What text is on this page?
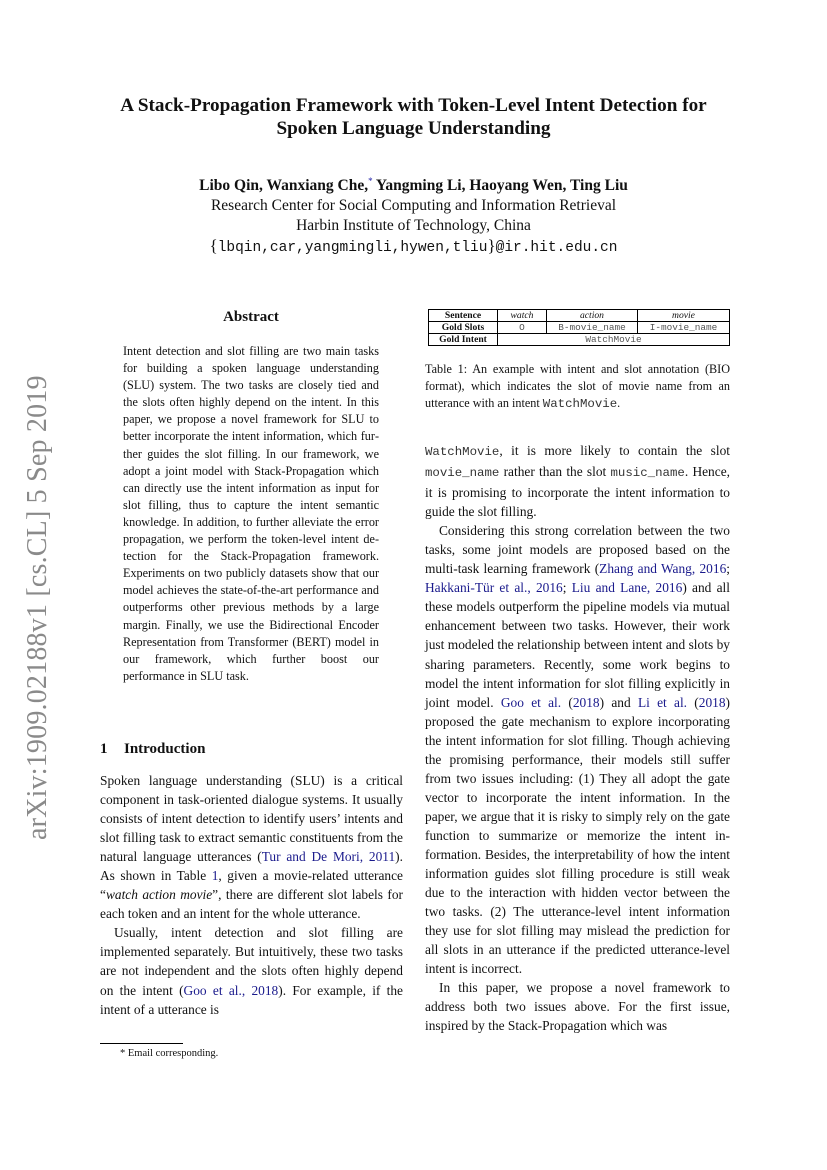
A Stack-Propagation Framework with Token-Level Intent Detection for
Spoken Language Understanding
Libo Qin, Wanxiang Che,* Yangming Li, Haoyang Wen, Ting Liu
Research Center for Social Computing and Information Retrieval
Harbin Institute of Technology, China
{lbqin,car,yangmingli,hywen,tliu}@ir.hit.edu.cn
arXiv:1909.02188v1 [cs.CL] 5 Sep 2019
Abstract
Intent detection and slot filling are two main tasks for building a spoken language understanding (SLU) system. The two tasks are closely tied and the slots often highly depend on the intent. In this paper, we propose a novel framework for SLU to better incorporate the intent information, which further guides the slot filling. In our framework, we adopt a joint model with Stack-Propagation which can directly use the intent information as input for slot filling, thus to capture the intent semantic knowledge. In addition, to further alleviate the error propagation, we perform the token-level intent detection for the Stack-Propagation framework. Experiments on two publicly datasets show that our model achieves the state-of-the-art performance and outperforms other previous methods by a large margin. Finally, we use the Bidirectional Encoder Representation from Transformer (BERT) model in our framework, which further boost our performance in SLU task.
1 Introduction

Spoken language understanding (SLU) is a critical component in task-oriented dialogue systems. It usually consists of intent detection to identify users’ intents and slot filling task to extract semantic constituents from the natural language utterances (Tur and De Mori, 2011). As shown in Table 1, given a movie-related utterance “watch action movie”, there are different slot labels for each token and an intent for the whole utterance.

Usually, intent detection and slot filling are implemented separately. But intuitively, these two tasks are not independent and the slots often highly depend on the intent (Goo et al., 2018). For example, if the intent of a utterance is

Sentence	watch	action	movie
Gold Slots	O	B-movie_name	I-movie_name
Gold Intent	WatchMovie		
Table 1: An example with intent and slot annotation (BIO format), which indicates the slot of movie name from an utterance with an intent WatchMovie.

WatchMovie, it is more likely to contain the slot movie_name rather than the slot music_name. Hence, it is promising to incorporate the intent information to guide the slot filling.

Considering this strong correlation between the two tasks, some joint models are proposed based on the multi-task learning framework (Zhang and Wang, 2016; Hakkani-Tür et al., 2016; Liu and Lane, 2016) and all these models outperform the pipeline models via mutual enhancement between two tasks. However, their work just modeled the relationship between intent and slots by sharing parameters. Recently, some work begins to model the intent information for slot filling explicitly in joint model. Goo et al. (2018) and Li et al. (2018) proposed the gate mechanism to explore incorporating the intent information for slot filling. Though achieving the promising performance, their models still suffer from two issues including: (1) They all adopt the gate vector to incorporate the intent information. In the paper, we argue that it is risky to simply rely on the gate function to summarize or memorize the intent information. Besides, the interpretability of how the intent information guides slot filling procedure is still weak due to the interaction with hidden vector between the two tasks. (2) The utterance-level intent information they use for slot filling may mislead the prediction for all slots in an utterance if the predicted utterance-level intent is incorrect.

In this paper, we propose a novel framework to address both two issues above. For the first issue, inspired by the Stack-Propagation which was

* Email corresponding.
